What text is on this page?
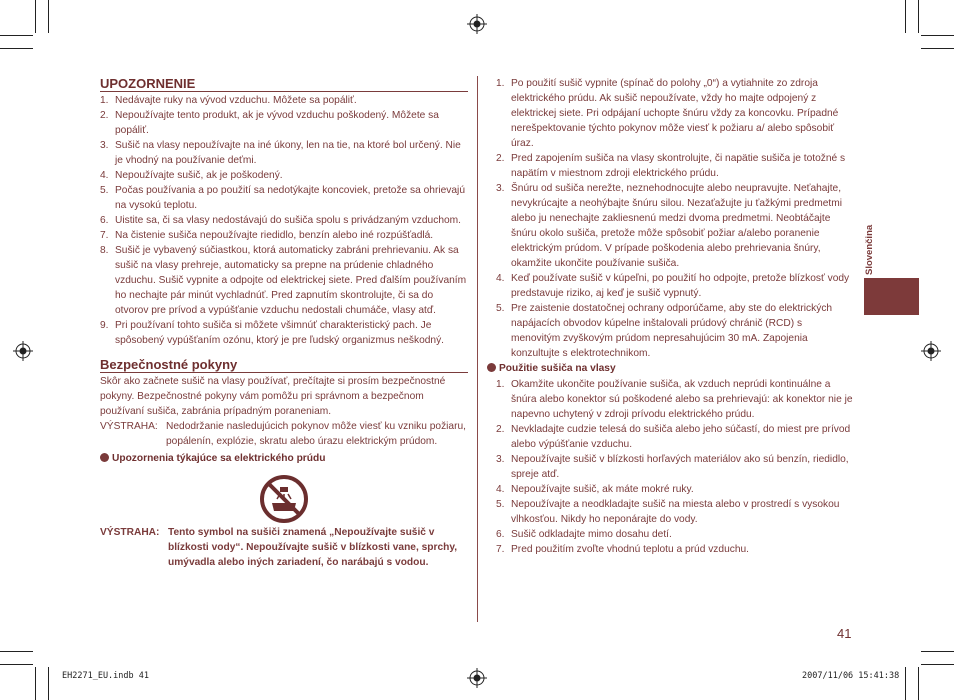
UPOZORNENIE
1. Nedávajte ruky na vývod vzduchu. Môžete sa popáliť.
2. Nepoužívajte tento produkt, ak je vývod vzduchu poškodený. Môžete sa popáliť.
3. Sušič na vlasy nepoužívajte na iné úkony, len na tie, na ktoré bol určený. Nie je vhodný na používanie deťmi.
4. Nepoužívajte sušič, ak je poškodený.
5. Počas používania a po použití sa nedotýkajte koncoviek, pretože sa ohrievajú na vysokú teplotu.
6. Uistite sa, či sa vlasy nedostávajú do sušiča spolu s privádzaným vzduchom.
7. Na čistenie sušiča nepoužívajte riedidlo, benzín alebo iné rozpúšťadlá.
8. Sušič je vybavený súčiastkou, ktorá automaticky zabráni prehrievaniu. Ak sa sušič na vlasy prehreje, automaticky sa prepne na prúdenie chladného vzduchu. Sušič vypnite a odpojte od elektrickej siete. Pred ďalším používaním ho nechajte pár minút vychladnúť. Pred zapnutím skontrolujte, či sa do otvorov pre prívod a vypúšťanie vzduchu nedostali chumáče, vlasy atď.
9. Pri používaní tohto sušiča si môžete všimnúť charakteristický pach. Je spôsobený vypúšťaním ozónu, ktorý je pre ľudský organizmus neškodný.
Bezpečnostné pokyny
Skôr ako začnete sušič na vlasy používať, prečítajte si prosím bezpečnostné pokyny. Bezpečnostné pokyny vám pomôžu pri správnom a bezpečnom používaní sušiča, zabránia prípadným poraneniam.
VÝSTRAHA: Nedodržanie nasledujúcich pokynov môže viesť ku vzniku požiaru, popálenín, explózie, skratu alebo úrazu elektrickým prúdom.
Upozornenia týkajúce sa elektrického prúdu
VÝSTRAHA: Tento symbol na sušiči znamená „Nepoužívajte sušič v blízkosti vody“. Nepoužívajte sušič v blízkosti vane, sprchy, umývadla alebo iných zariadení, čo narábajú s vodou.
1. Po použití sušič vypnite (spínač do polohy „0“) a vytiahnite zo zdroja elektrického prúdu. Ak sušič nepoužívate, vždy ho majte odpojený z elektrickej siete. Pri odpájaní uchopte šnúru vždy za koncovku. Prípadné nerešpektovanie týchto pokynov môže viesť k požiaru a/ alebo spôsobiť úraz.
2. Pred zapojením sušiča na vlasy skontrolujte, či napätie sušiča je totožné s napätím v miestnom zdroji elektrického prúdu.
3. Šnúru od sušiča nerežte, neznehodnocujte alebo neupravujte. Neťahajte, nevykrúcajte a neohýbajte šnúru silou. Nezaťažujte ju ťažkými predmetmi alebo ju nenechajte zakliesnenú medzi dvoma predmetmi. Neobtáčajte šnúru okolo sušiča, pretože môže spôsobiť požiar a/alebo poranenie elektrickým prúdom. V prípade poškodenia alebo prehrievania šnúry, okamžite ukončite používanie sušiča.
4. Keď používate sušič v kúpeľni, po použití ho odpojte, pretože blízkosť vody predstavuje riziko, aj keď je sušič vypnutý.
5. Pre zaistenie dostatočnej ochrany odporúčame, aby ste do elektrických napájacích obvodov kúpelne inštalovali prúdový chránič (RCD) s menovitým zvyškovým prúdom nepresahujúcim 30 mA. Zapojenia konzultujte s elektrotechnikom.
Použitie sušiča na vlasy
1. Okamžite ukončite používanie sušiča, ak vzduch neprúdi kontinuálne a šnúra alebo konektor sú poškodené alebo sa prehrievajú: ak konektor nie je napevno uchytený v zdroji prívodu elektrického prúdu.
2. Nevkladajte cudzie telesá do sušiča alebo jeho súčastí, do miest pre prívod alebo výpúšťanie vzduchu.
3. Nepoužívajte sušič v blízkosti horľavých materiálov ako sú benzín, riedidlo, spreje atď.
4. Nepoužívajte sušič, ak máte mokré ruky.
5. Nepoužívajte a neodkladajte sušič na miesta alebo v prostredí s vysokou vlhkosťou. Nikdy ho neponárajte do vody.
6. Sušič odkladajte mimo dosahu detí.
7. Pred použitím zvoľte vhodnú teplotu a prúd vzduchu.
Slovenčina
41
EH2271_EU.indb 41	2007/11/06 15:41:38
